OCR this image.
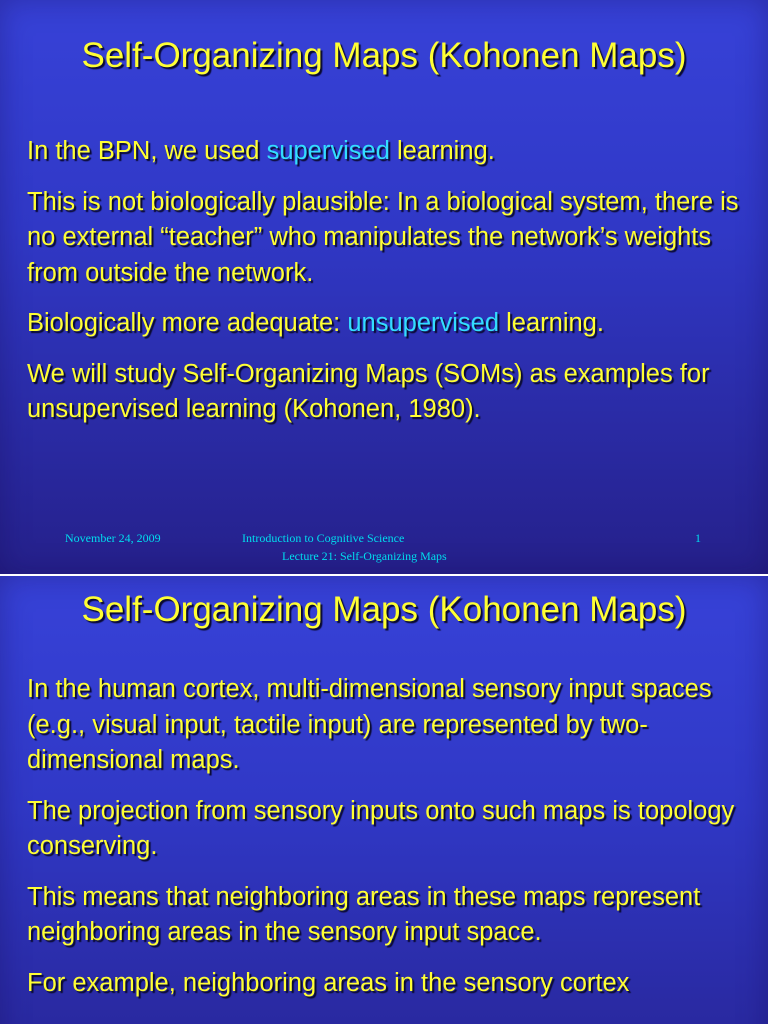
Self-Organizing Maps (Kohonen Maps)

In the BPN, we used supervised learning.

This is not biologically plausible: In a biological system, there is no external “teacher” who manipulates the network’s weights from outside the network.

Biologically more adequate: unsupervised learning.

We will study Self-Organizing Maps (SOMs) as examples for unsupervised learning (Kohonen, 1980).

November 24, 2009	Introduction to Cognitive Science
Lecture 21: Self-Organizing Maps
1
Self-Organizing Maps (Kohonen Maps)

In the human cortex, multi-dimensional sensory input spaces (e.g., visual input, tactile input) are represented by two-dimensional maps.

The projection from sensory inputs onto such maps is topology conserving.

This means that neighboring areas in these maps represent neighboring areas in the sensory input space.

For example, neighboring areas in the sensory cortex
